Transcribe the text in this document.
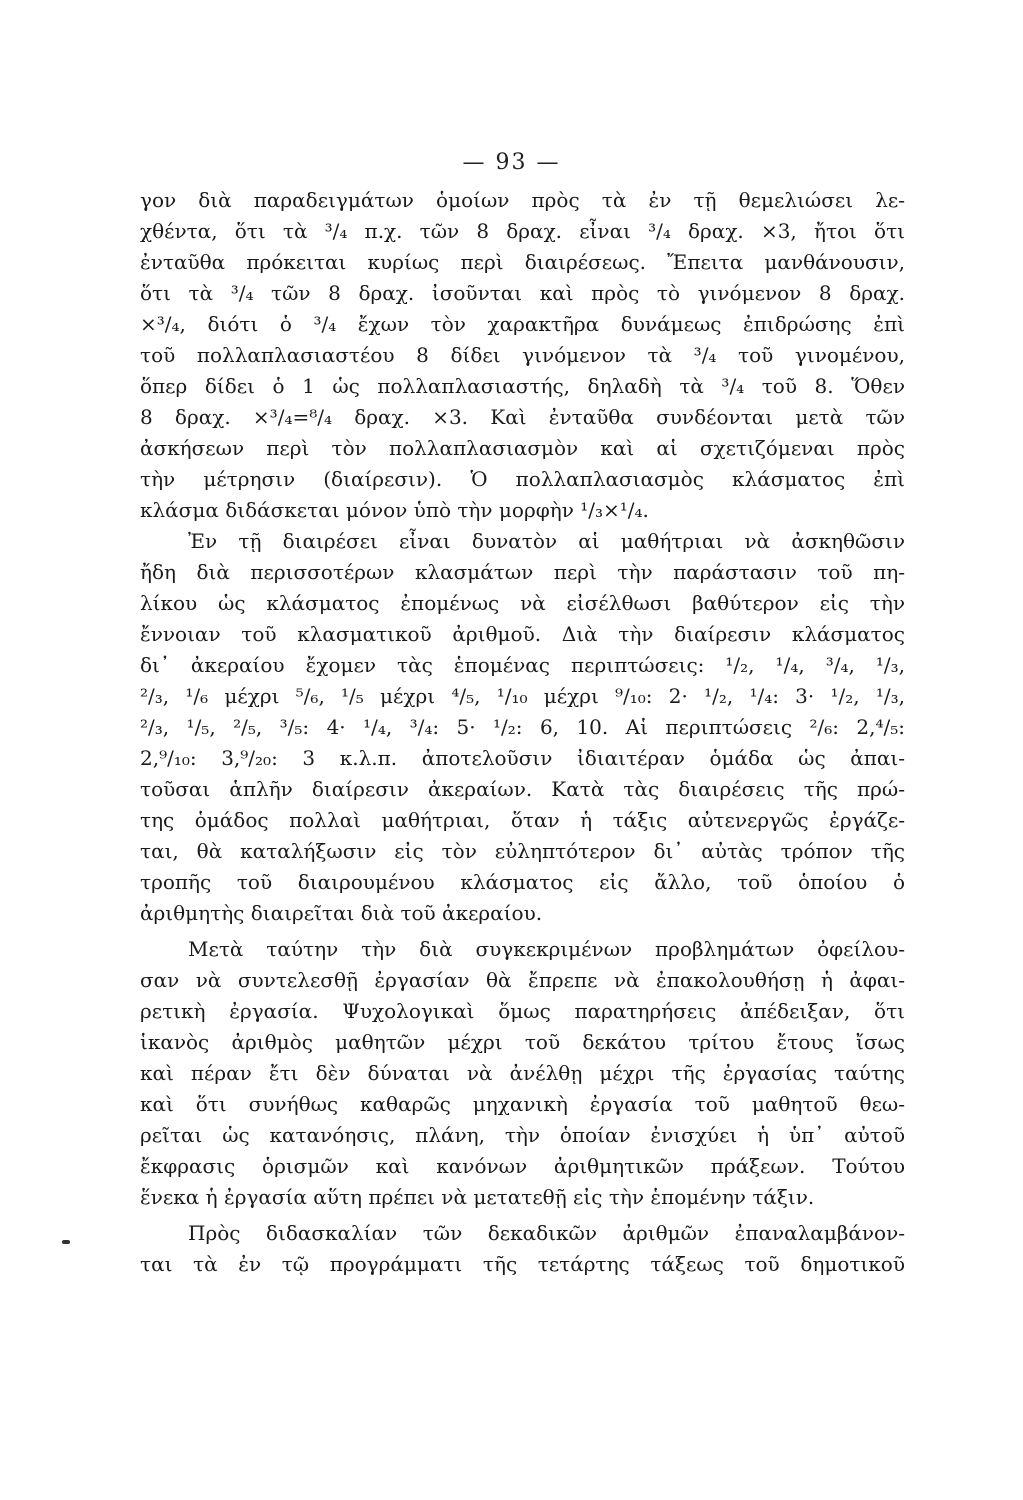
— 93 —
γον διὰ παραδειγμάτων ὁμοίων πρὸς τὰ ἐν τῇ θεμελιώσει λε-
χθέντα, ὅτι τὰ ³/₄ π.χ. τῶν 8 δραχ. εἶναι ³/₄ δραχ. ×3, ἤτοι ὅτι
ἐνταῦθα πρόκειται κυρίως περὶ διαιρέσεως. Ἔπειτα μανθάνουσιν,
ὅτι τὰ ³/₄ τῶν 8 δραχ. ἰσοῦνται καὶ πρὸς τὸ γινόμενον 8 δραχ.
×³/₄, διότι ὁ ³/₄ ἔχων τὸν χαρακτῆρα δυνάμεως ἐπιδρώσης ἐπὶ
τοῦ πολλαπλασιαστέου 8 δίδει γινόμενον τὰ ³/₄ τοῦ γινομένου,
ὅπερ δίδει ὁ 1 ὡς πολλαπλασιαστής, δηλαδὴ τὰ ³/₄ τοῦ 8. Ὅθεν
8 δραχ. ×³/₄=⁸/₄ δραχ. ×3. Καὶ ἐνταῦθα συνδέονται μετὰ τῶν
ἀσκήσεων περὶ τὸν πολλαπλασιασμὸν καὶ αἱ σχετιζόμεναι πρὸς
τὴν μέτρησιν (διαίρεσιν). Ὁ πολλαπλασιασμὸς κλάσματος ἐπὶ
κλάσμα διδάσκεται μόνον ὑπὸ τὴν μορφὴν ¹/₃×¹/₄.
Ἐν τῇ διαιρέσει εἶναι δυνατὸν αἱ μαθήτριαι νὰ ἀσκηθῶσιν
ἤδη διὰ περισσοτέρων κλασμάτων περὶ τὴν παράστασιν τοῦ πη-
λίκου ὡς κλάσματος ἐπομένως νὰ εἰσέλθωσι βαθύτερον εἰς τὴν
ἔννοιαν τοῦ κλασματικοῦ ἀριθμοῦ. Διὰ τὴν διαίρεσιν κλάσματος
δι᾽ ἀκεραίου ἔχομεν τὰς ἑπομένας περιπτώσεις: ¹/₂, ¹/₄, ³/₄, ¹/₃,
²/₃, ¹/₆ μέχρι ⁵/₆, ¹/₅ μέχρι ⁴/₅, ¹/₁₀ μέχρι ⁹/₁₀: 2· ¹/₂, ¹/₄: 3· ¹/₂, ¹/₃,
²/₃, ¹/₅, ²/₅, ³/₅: 4· ¹/₄, ³/₄: 5· ¹/₂: 6, 10. Αἱ περιπτώσεις ²/₆: 2,⁴/₅:
2,⁹/₁₀: 3,⁹/₂₀: 3 κ.λ.π. ἀποτελοῦσιν ἰδιαιτέραν ὁμάδα ὡς ἀπαι-
τοῦσαι ἁπλῆν διαίρεσιν ἀκεραίων. Κατὰ τὰς διαιρέσεις τῆς πρώ-
της ὁμάδος πολλαὶ μαθήτριαι, ὅταν ἡ τάξις αὐτενεργῶς ἐργάζε-
ται, θὰ καταλήξωσιν εἰς τὸν εὐληπτότερον δι᾽ αὐτὰς τρόπον τῆς
τροπῆς τοῦ διαιρουμένου κλάσματος εἰς ἄλλο, τοῦ ὁποίου ὁ
ἀριθμητὴς διαιρεῖται διὰ τοῦ ἀκεραίου.
Μετὰ ταύτην τὴν διὰ συγκεκριμένων προβλημάτων ὀφείλου-
σαν νὰ συντελεσθῇ ἐργασίαν θὰ ἔπρεπε νὰ ἐπακολουθήσῃ ἡ ἀφαι-
ρετικὴ ἐργασία. Ψυχολογικαὶ ὅμως παρατηρήσεις ἀπέδειξαν, ὅτι
ἱκανὸς ἀριθμὸς μαθητῶν μέχρι τοῦ δεκάτου τρίτου ἔτους ἴσως
καὶ πέραν ἔτι δὲν δύναται νὰ ἀνέλθῃ μέχρι τῆς ἐργασίας ταύτης
καὶ ὅτι συνήθως καθαρῶς μηχανικὴ ἐργασία τοῦ μαθητοῦ θεω-
ρεῖται ὡς κατανόησις, πλάνη, τὴν ὁποίαν ἐνισχύει ἡ ὑπ᾽ αὐτοῦ
ἔκφρασις ὁρισμῶν καὶ κανόνων ἀριθμητικῶν πράξεων. Τούτου
ἕνεκα ἡ ἐργασία αὕτη πρέπει νὰ μετατεθῇ εἰς τὴν ἑπομένην τάξιν.
Πρὸς διδασκαλίαν τῶν δεκαδικῶν ἀριθμῶν ἐπαναλαμβάνον-
ται τὰ ἐν τῷ προγράμματι τῆς τετάρτης τάξεως τοῦ δημοτικοῦ
